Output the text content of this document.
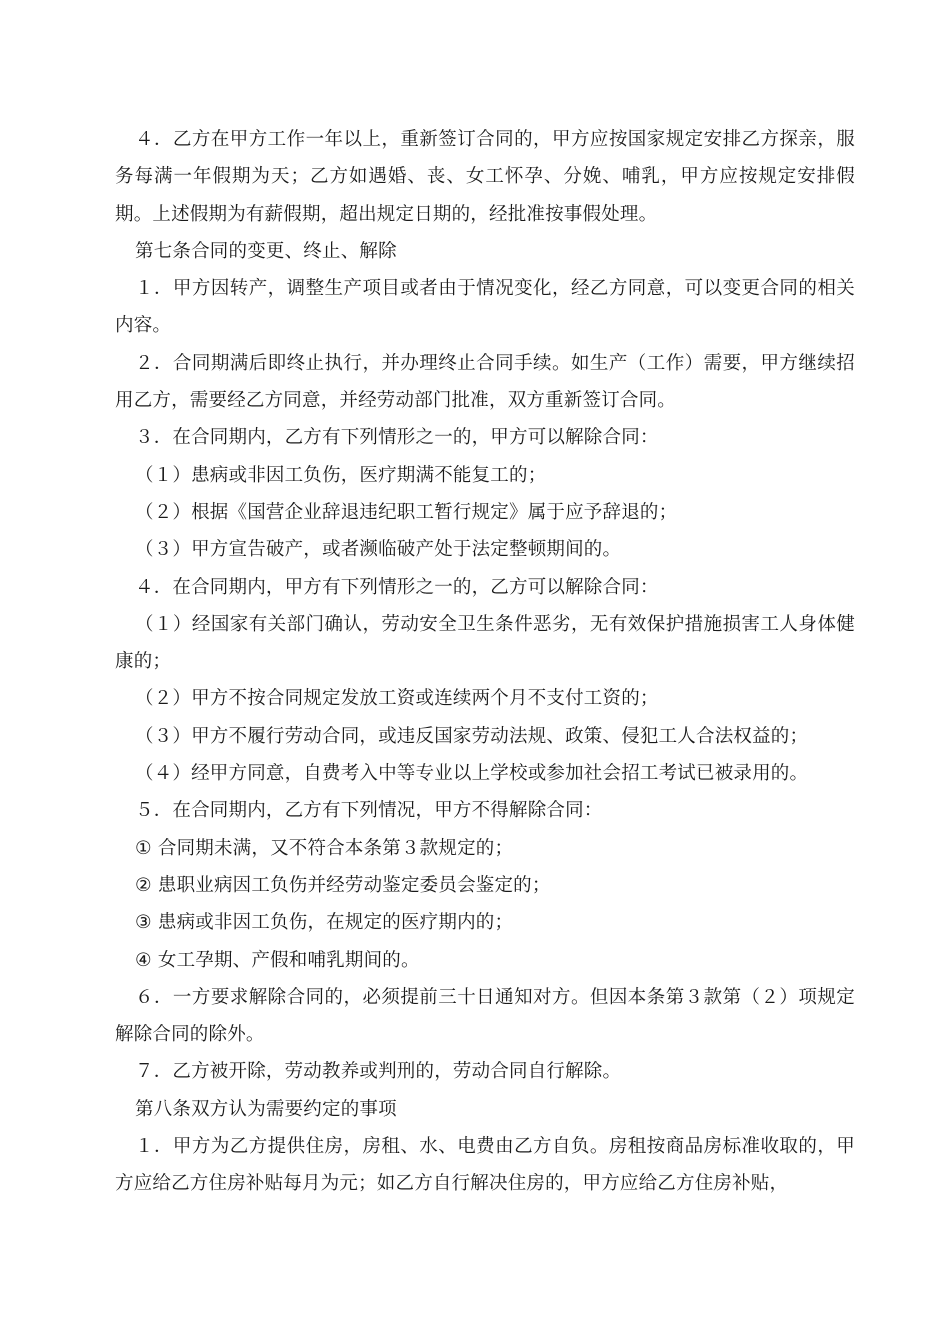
４．乙方在甲方工作一年以上，重新签订合同的，甲方应按国家规定安排乙方探亲，服务每满一年假期为天；乙方如遇婚、丧、女工怀孕、分娩、哺乳，甲方应按规定安排假期。上述假期为有薪假期，超出规定日期的，经批准按事假处理。

第七条合同的变更、终止、解除

１．甲方因转产，调整生产项目或者由于情况变化，经乙方同意，可以变更合同的相关内容。

２．合同期满后即终止执行，并办理终止合同手续。如生产（工作）需要，甲方继续招用乙方，需要经乙方同意，并经劳动部门批准，双方重新签订合同。

３．在合同期内，乙方有下列情形之一的，甲方可以解除合同：

（１）患病或非因工负伤，医疗期满不能复工的；

（２）根据《国营企业辞退违纪职工暂行规定》属于应予辞退的；

（３）甲方宣告破产，或者濒临破产处于法定整顿期间的。

４．在合同期内，甲方有下列情形之一的，乙方可以解除合同：

（１）经国家有关部门确认，劳动安全卫生条件恶劣，无有效保护措施损害工人身体健康的；

（２）甲方不按合同规定发放工资或连续两个月不支付工资的；

（３）甲方不履行劳动合同，或违反国家劳动法规、政策、侵犯工人合法权益的；

（４）经甲方同意，自费考入中等专业以上学校或参加社会招工考试已被录用的。

５．在合同期内，乙方有下列情况，甲方不得解除合同：

① 合同期未满，又不符合本条第３款规定的；

② 患职业病因工负伤并经劳动鉴定委员会鉴定的；

③ 患病或非因工负伤，在规定的医疗期内的；

④ 女工孕期、产假和哺乳期间的。

６．一方要求解除合同的，必须提前三十日通知对方。但因本条第３款第（２）项规定解除合同的除外。

７．乙方被开除，劳动教养或判刑的，劳动合同自行解除。

第八条双方认为需要约定的事项

１．甲方为乙方提供住房，房租、水、电费由乙方自负。房租按商品房标准收取的，甲方应给乙方住房补贴每月为元；如乙方自行解决住房的，甲方应给乙方住房补贴，
